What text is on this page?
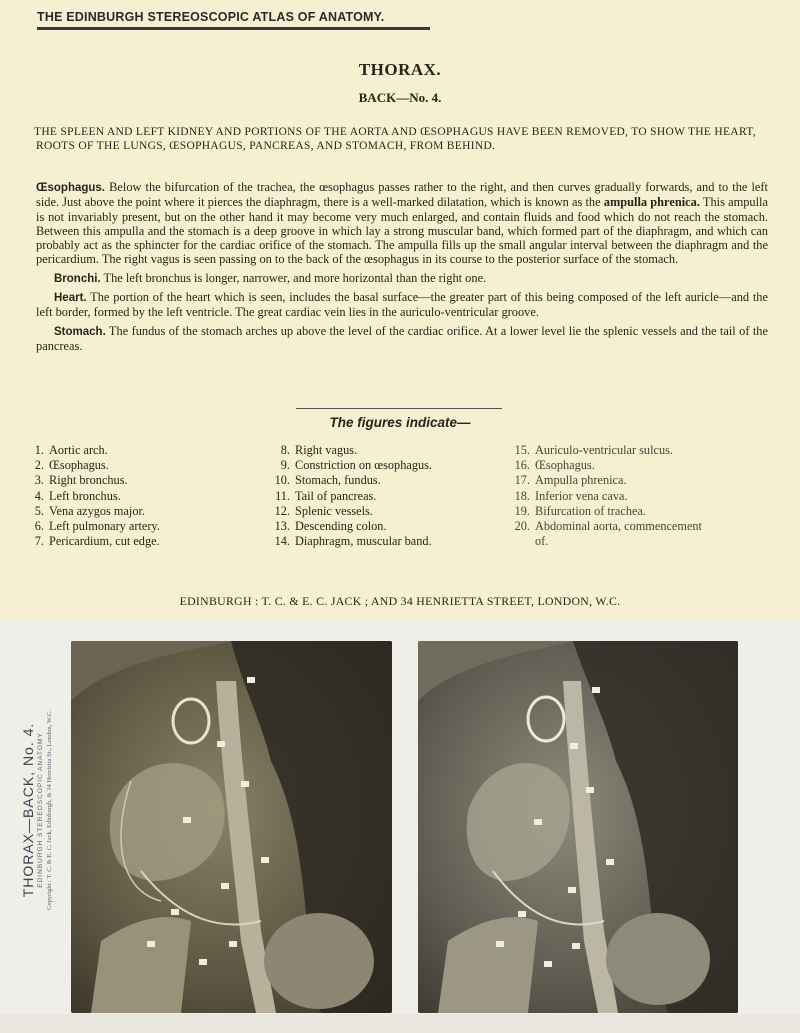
THE EDINBURGH STEREOSCOPIC ATLAS OF ANATOMY.
THORAX.
BACK—No. 4.
THE SPLEEN AND LEFT KIDNEY AND PORTIONS OF THE AORTA AND ŒSOPHAGUS HAVE BEEN REMOVED, TO SHOW THE HEART, ROOTS OF THE LUNGS, ŒSOPHAGUS, PANCREAS, AND STOMACH, FROM BEHIND.

Œsophagus. Below the bifurcation of the trachea, the œsophagus passes rather to the right, and then curves gradually forwards, and to the left side. Just above the point where it pierces the diaphragm, there is a well-marked dilatation, which is known as the ampulla phrenica. This ampulla is not invariably present, but on the other hand it may become very much enlarged, and contain fluids and food which do not reach the stomach. Between this ampulla and the stomach is a deep groove in which lay a strong muscular band, which formed part of the diaphragm, and which can probably act as the sphincter for the cardiac orifice of the stomach. The ampulla fills up the small angular interval between the diaphragm and the pericardium. The right vagus is seen passing on to the back of the œsophagus in its course to the posterior surface of the stomach.

Bronchi. The left bronchus is longer, narrower, and more horizontal than the right one.

Heart. The portion of the heart which is seen, includes the basal surface—the greater part of this being composed of the left auricle—and the left border, formed by the left ventricle. The great cardiac vein lies in the auriculo-ventricular groove.

Stomach. The fundus of the stomach arches up above the level of the cardiac orifice. At a lower level lie the splenic vessels and the tail of the pancreas.

The figures indicate—
1. Aortic arch.
2. Œsophagus.
3. Right bronchus.
4. Left bronchus.
5. Vena azygos major.
6. Left pulmonary artery.
7. Pericardium, cut edge.
8. Right vagus.
9. Constriction on œsophagus.
10. Stomach, fundus.
11. Tail of pancreas.
12. Splenic vessels.
13. Descending colon.
14. Diaphragm, muscular band.
15. Auriculo-ventricular sulcus.
16. Œsophagus.
17. Ampulla phrenica.
18. Inferior vena cava.
19. Bifurcation of trachea.
20. Abdominal aorta, commencement
of.
EDINBURGH : T. C. & E. C. JACK ; AND 34 HENRIETTA STREET, LONDON, W.C.
THORAX—BACK, No. 4. EDINBURGH STEREOSCOPIC ANATOMY Copyright : T. C. & E. C. Jack, Edinburgh, & 34 Henrietta St., London, W.C.
